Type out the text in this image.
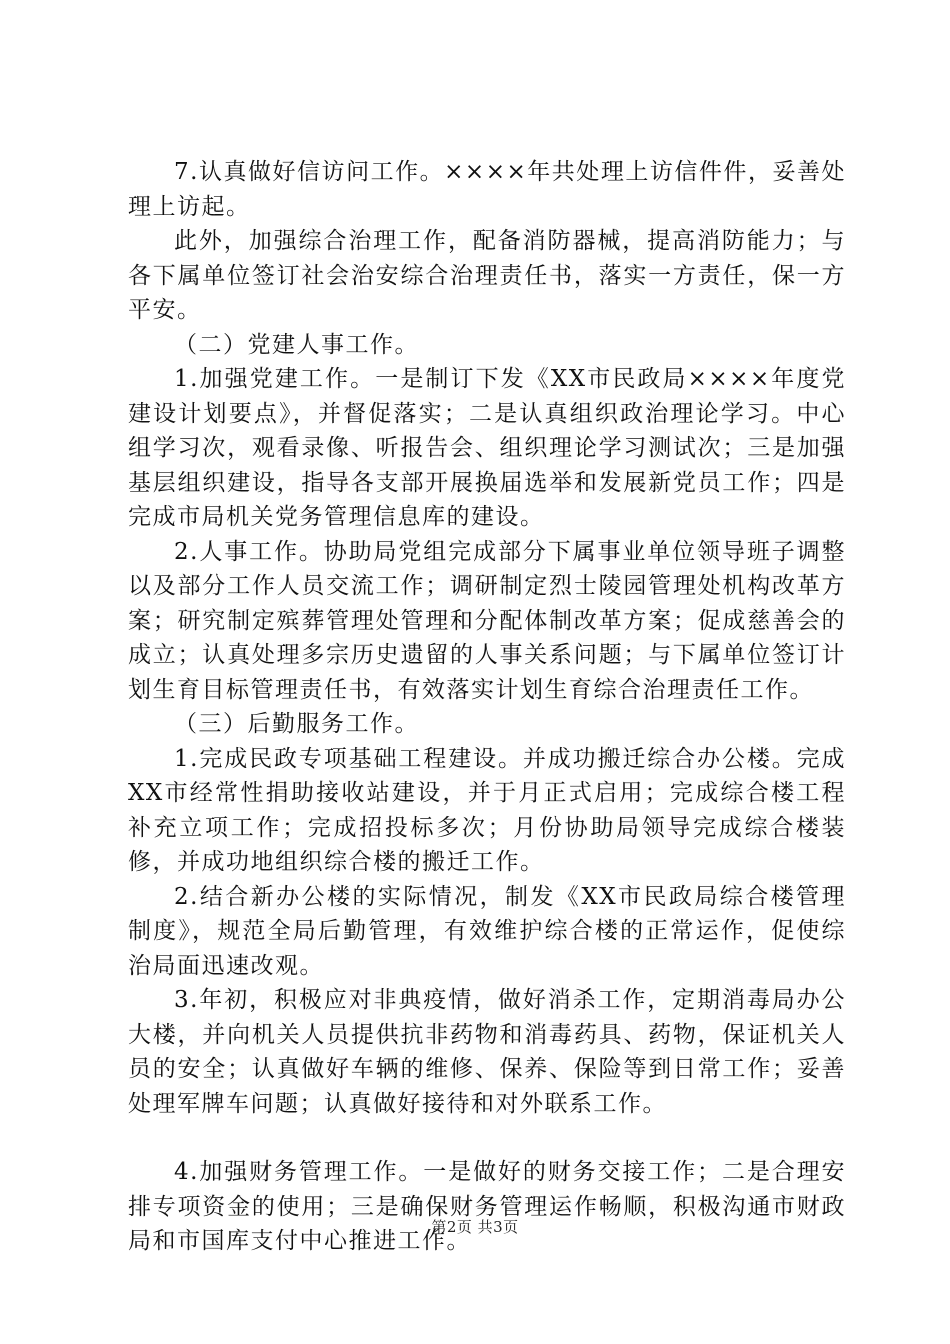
7.认真做好信访问工作。××××年共处理上访信件件，妥善处理上访起。

此外，加强综合治理工作，配备消防器械，提高消防能力；与各下属单位签订社会治安综合治理责任书，落实一方责任，保一方平安。

（二）党建人事工作。

1.加强党建工作。一是制订下发《XX市民政局××××年度党建设计划要点》，并督促落实；二是认真组织政治理论学习。中心组学习次，观看录像、听报告会、组织理论学习测试次；三是加强基层组织建设，指导各支部开展换届选举和发展新党员工作；四是完成市局机关党务管理信息库的建设。

2.人事工作。协助局党组完成部分下属事业单位领导班子调整以及部分工作人员交流工作；调研制定烈士陵园管理处机构改革方案；研究制定殡葬管理处管理和分配体制改革方案；促成慈善会的成立；认真处理多宗历史遗留的人事关系问题；与下属单位签订计划生育目标管理责任书，有效落实计划生育综合治理责任工作。

（三）后勤服务工作。

1.完成民政专项基础工程建设。并成功搬迁综合办公楼。完成XX市经常性捐助接收站建设，并于月正式启用；完成综合楼工程补充立项工作；完成招投标多次；月份协助局领导完成综合楼装修，并成功地组织综合楼的搬迁工作。

2.结合新办公楼的实际情况，制发《XX市民政局综合楼管理制度》，规范全局后勤管理，有效维护综合楼的正常运作，促使综治局面迅速改观。

3.年初，积极应对非典疫情，做好消杀工作，定期消毒局办公大楼，并向机关人员提供抗非药物和消毒药具、药物，保证机关人员的安全；认真做好车辆的维修、保养、保险等到日常工作；妥善处理军牌车问题；认真做好接待和对外联系工作。

4.加强财务管理工作。一是做好的财务交接工作；二是合理安排专项资金的使用；三是确保财务管理运作畅顺，积极沟通市财政局和市国库支付中心推进工作。

第2页 共3页
